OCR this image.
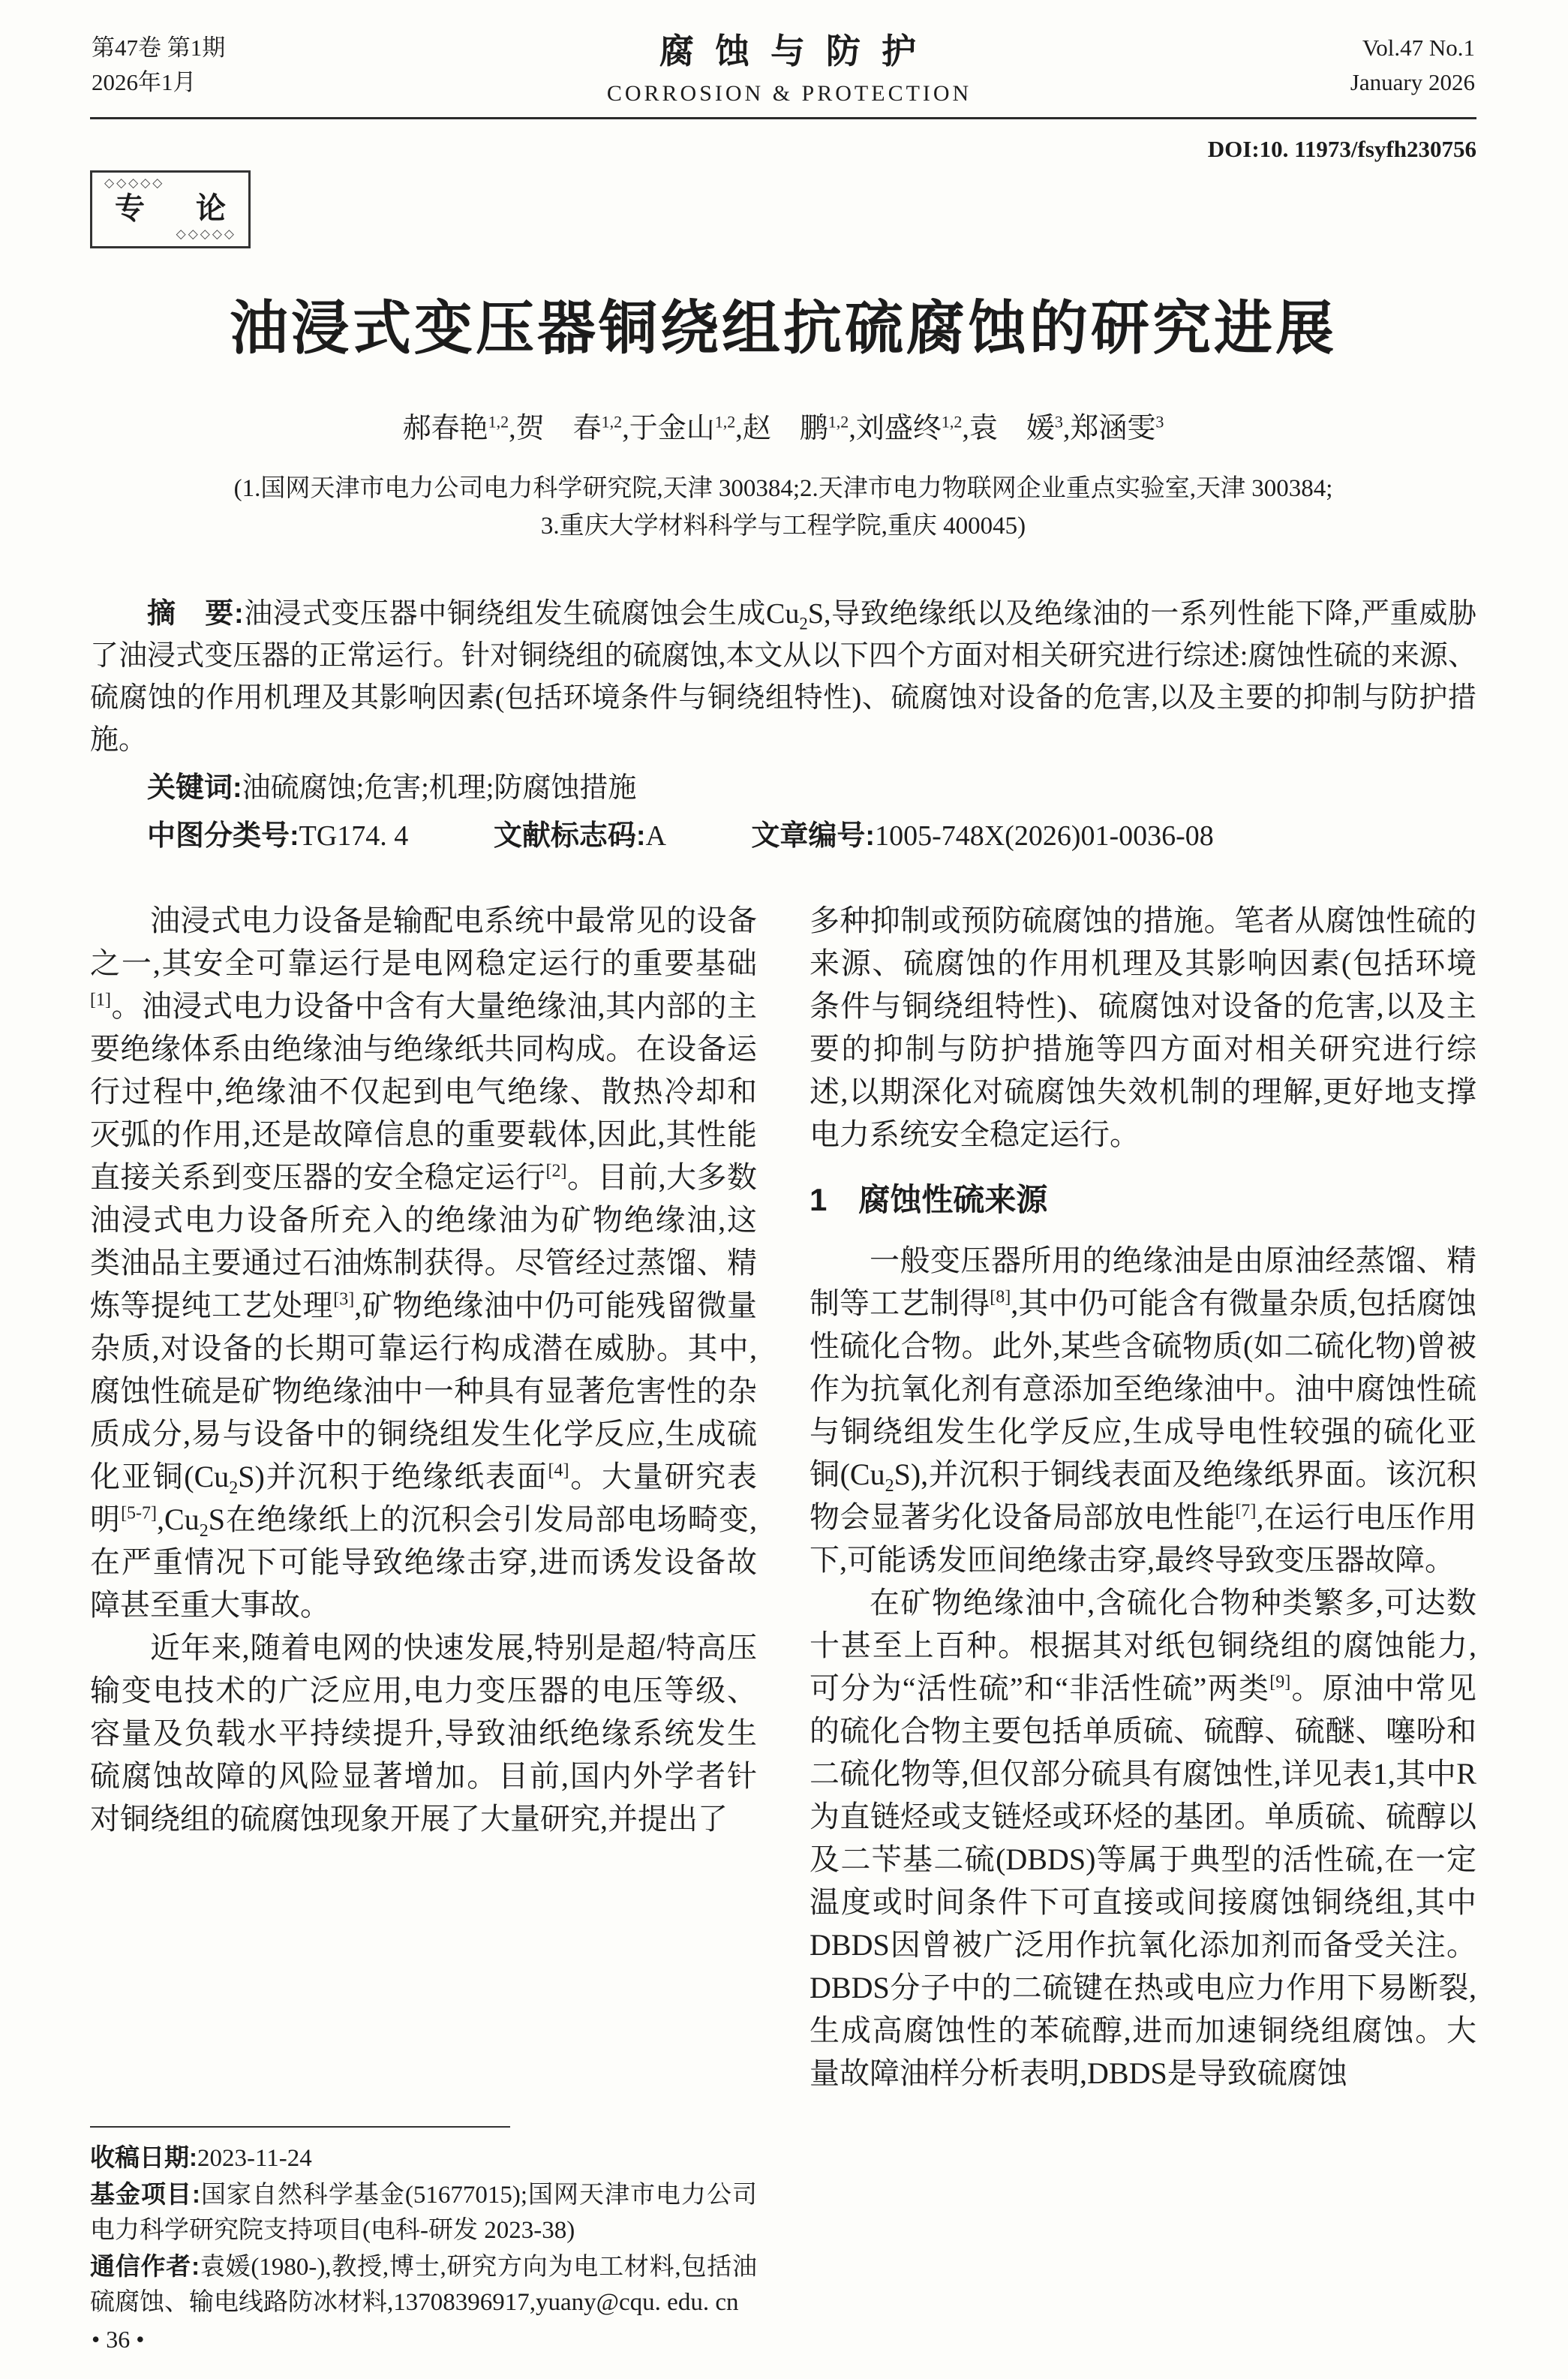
第47卷 第1期
2026年1月
腐蚀与防护
CORROSION & PROTECTION
Vol.47 No.1
January 2026
DOI:10. 11973/fsyfh230756
◇◇◇◇◇
专　论
◇◇◇◇◇
油浸式变压器铜绕组抗硫腐蚀的研究进展
郝春艳$^{1,2}$,贺　春$^{1,2}$,于金山$^{1,2}$,赵　鹏$^{1,2}$,刘盛终$^{1,2}$,袁　媛$^3$,郑涵雯$^3$
(1.国网天津市电力公司电力科学研究院,天津 300384;2.天津市电力物联网企业重点实验室,天津 300384;
3.重庆大学材料科学与工程学院,重庆 400045)

摘　要:油浸式变压器中铜绕组发生硫腐蚀会生成$Cu_2S$,导致绝缘纸以及绝缘油的一系列性能下降,严重威胁了油浸式变压器的正常运行。针对铜绕组的硫腐蚀,本文从以下四个方面对相关研究进行综述:腐蚀性硫的来源、硫腐蚀的作用机理及其影响因素(包括环境条件与铜绕组特性)、硫腐蚀对设备的危害,以及主要的抑制与防护措施。

关键词:油硫腐蚀;危害;机理;防腐蚀措施

中图分类号:TG174. 4	文献标志码:A	文章编号:1005-748X(2026)01-0036-08

油浸式电力设备是输配电系统中最常见的设备之一,其安全可靠运行是电网稳定运行的重要基础[1]。油浸式电力设备中含有大量绝缘油,其内部的主要绝缘体系由绝缘油与绝缘纸共同构成。在设备运行过程中,绝缘油不仅起到电气绝缘、散热冷却和灭弧的作用,还是故障信息的重要载体,因此,其性能直接关系到变压器的安全稳定运行[2]。目前,大多数油浸式电力设备所充入的绝缘油为矿物绝缘油,这类油品主要通过石油炼制获得。尽管经过蒸馏、精炼等提纯工艺处理[3],矿物绝缘油中仍可能残留微量杂质,对设备的长期可靠运行构成潜在威胁。其中,腐蚀性硫是矿物绝缘油中一种具有显著危害性的杂质成分,易与设备中的铜绕组发生化学反应,生成硫化亚铜$(Cu_2S)$并沉积于绝缘纸表面[4]。大量研究表明$[5-7],Cu_2S$在绝缘纸上的沉积会引发局部电场畸变,在严重情况下可能导致绝缘击穿,进而诱发设备故障甚至重大事故。

近年来,随着电网的快速发展,特别是超/特高压输变电技术的广泛应用,电力变压器的电压等级、容量及负载水平持续提升,导致油纸绝缘系统发生硫腐蚀故障的风险显著增加。目前,国内外学者针对铜绕组的硫腐蚀现象开展了大量研究,并提出了

收稿日期:2023-11-24

基金项目:国家自然科学基金(51677015);国网天津市电力公司电力科学研究院支持项目(电科-研发 2023-38)

通信作者:袁媛(1980-),教授,博士,研究方向为电工材料,包括油硫腐蚀、输电线路防冰材料,13708396917,yuany@cqu. edu. cn

多种抑制或预防硫腐蚀的措施。笔者从腐蚀性硫的来源、硫腐蚀的作用机理及其影响因素(包括环境条件与铜绕组特性)、硫腐蚀对设备的危害,以及主要的抑制与防护措施等四方面对相关研究进行综述,以期深化对硫腐蚀失效机制的理解,更好地支撑电力系统安全稳定运行。

1　腐蚀性硫来源

一般变压器所用的绝缘油是由原油经蒸馏、精制等工艺制得[8],其中仍可能含有微量杂质,包括腐蚀性硫化合物。此外,某些含硫物质(如二硫化物)曾被作为抗氧化剂有意添加至绝缘油中。油中腐蚀性硫与铜绕组发生化学反应,生成导电性较强的硫化亚铜$(Cu_2S)$,并沉积于铜线表面及绝缘纸界面。该沉积物会显著劣化设备局部放电性能[7],在运行电压作用下,可能诱发匝间绝缘击穿,最终导致变压器故障。

在矿物绝缘油中,含硫化合物种类繁多,可达数十甚至上百种。根据其对纸包铜绕组的腐蚀能力,可分为“活性硫”和“非活性硫”两类[9]。原油中常见的硫化合物主要包括单质硫、硫醇、硫醚、噻吩和二硫化物等,但仅部分硫具有腐蚀性,详见表1,其中R为直链烃或支链烃或环烃的基团。单质硫、硫醇以及二苄基二硫(DBDS)等属于典型的活性硫,在一定温度或时间条件下可直接或间接腐蚀铜绕组,其中DBDS因曾被广泛用作抗氧化添加剂而备受关注。DBDS分子中的二硫键在热或电应力作用下易断裂,生成高腐蚀性的苯硫醇,进而加速铜绕组腐蚀。大量故障油样分析表明,DBDS是导致硫腐蚀

• 36 •
